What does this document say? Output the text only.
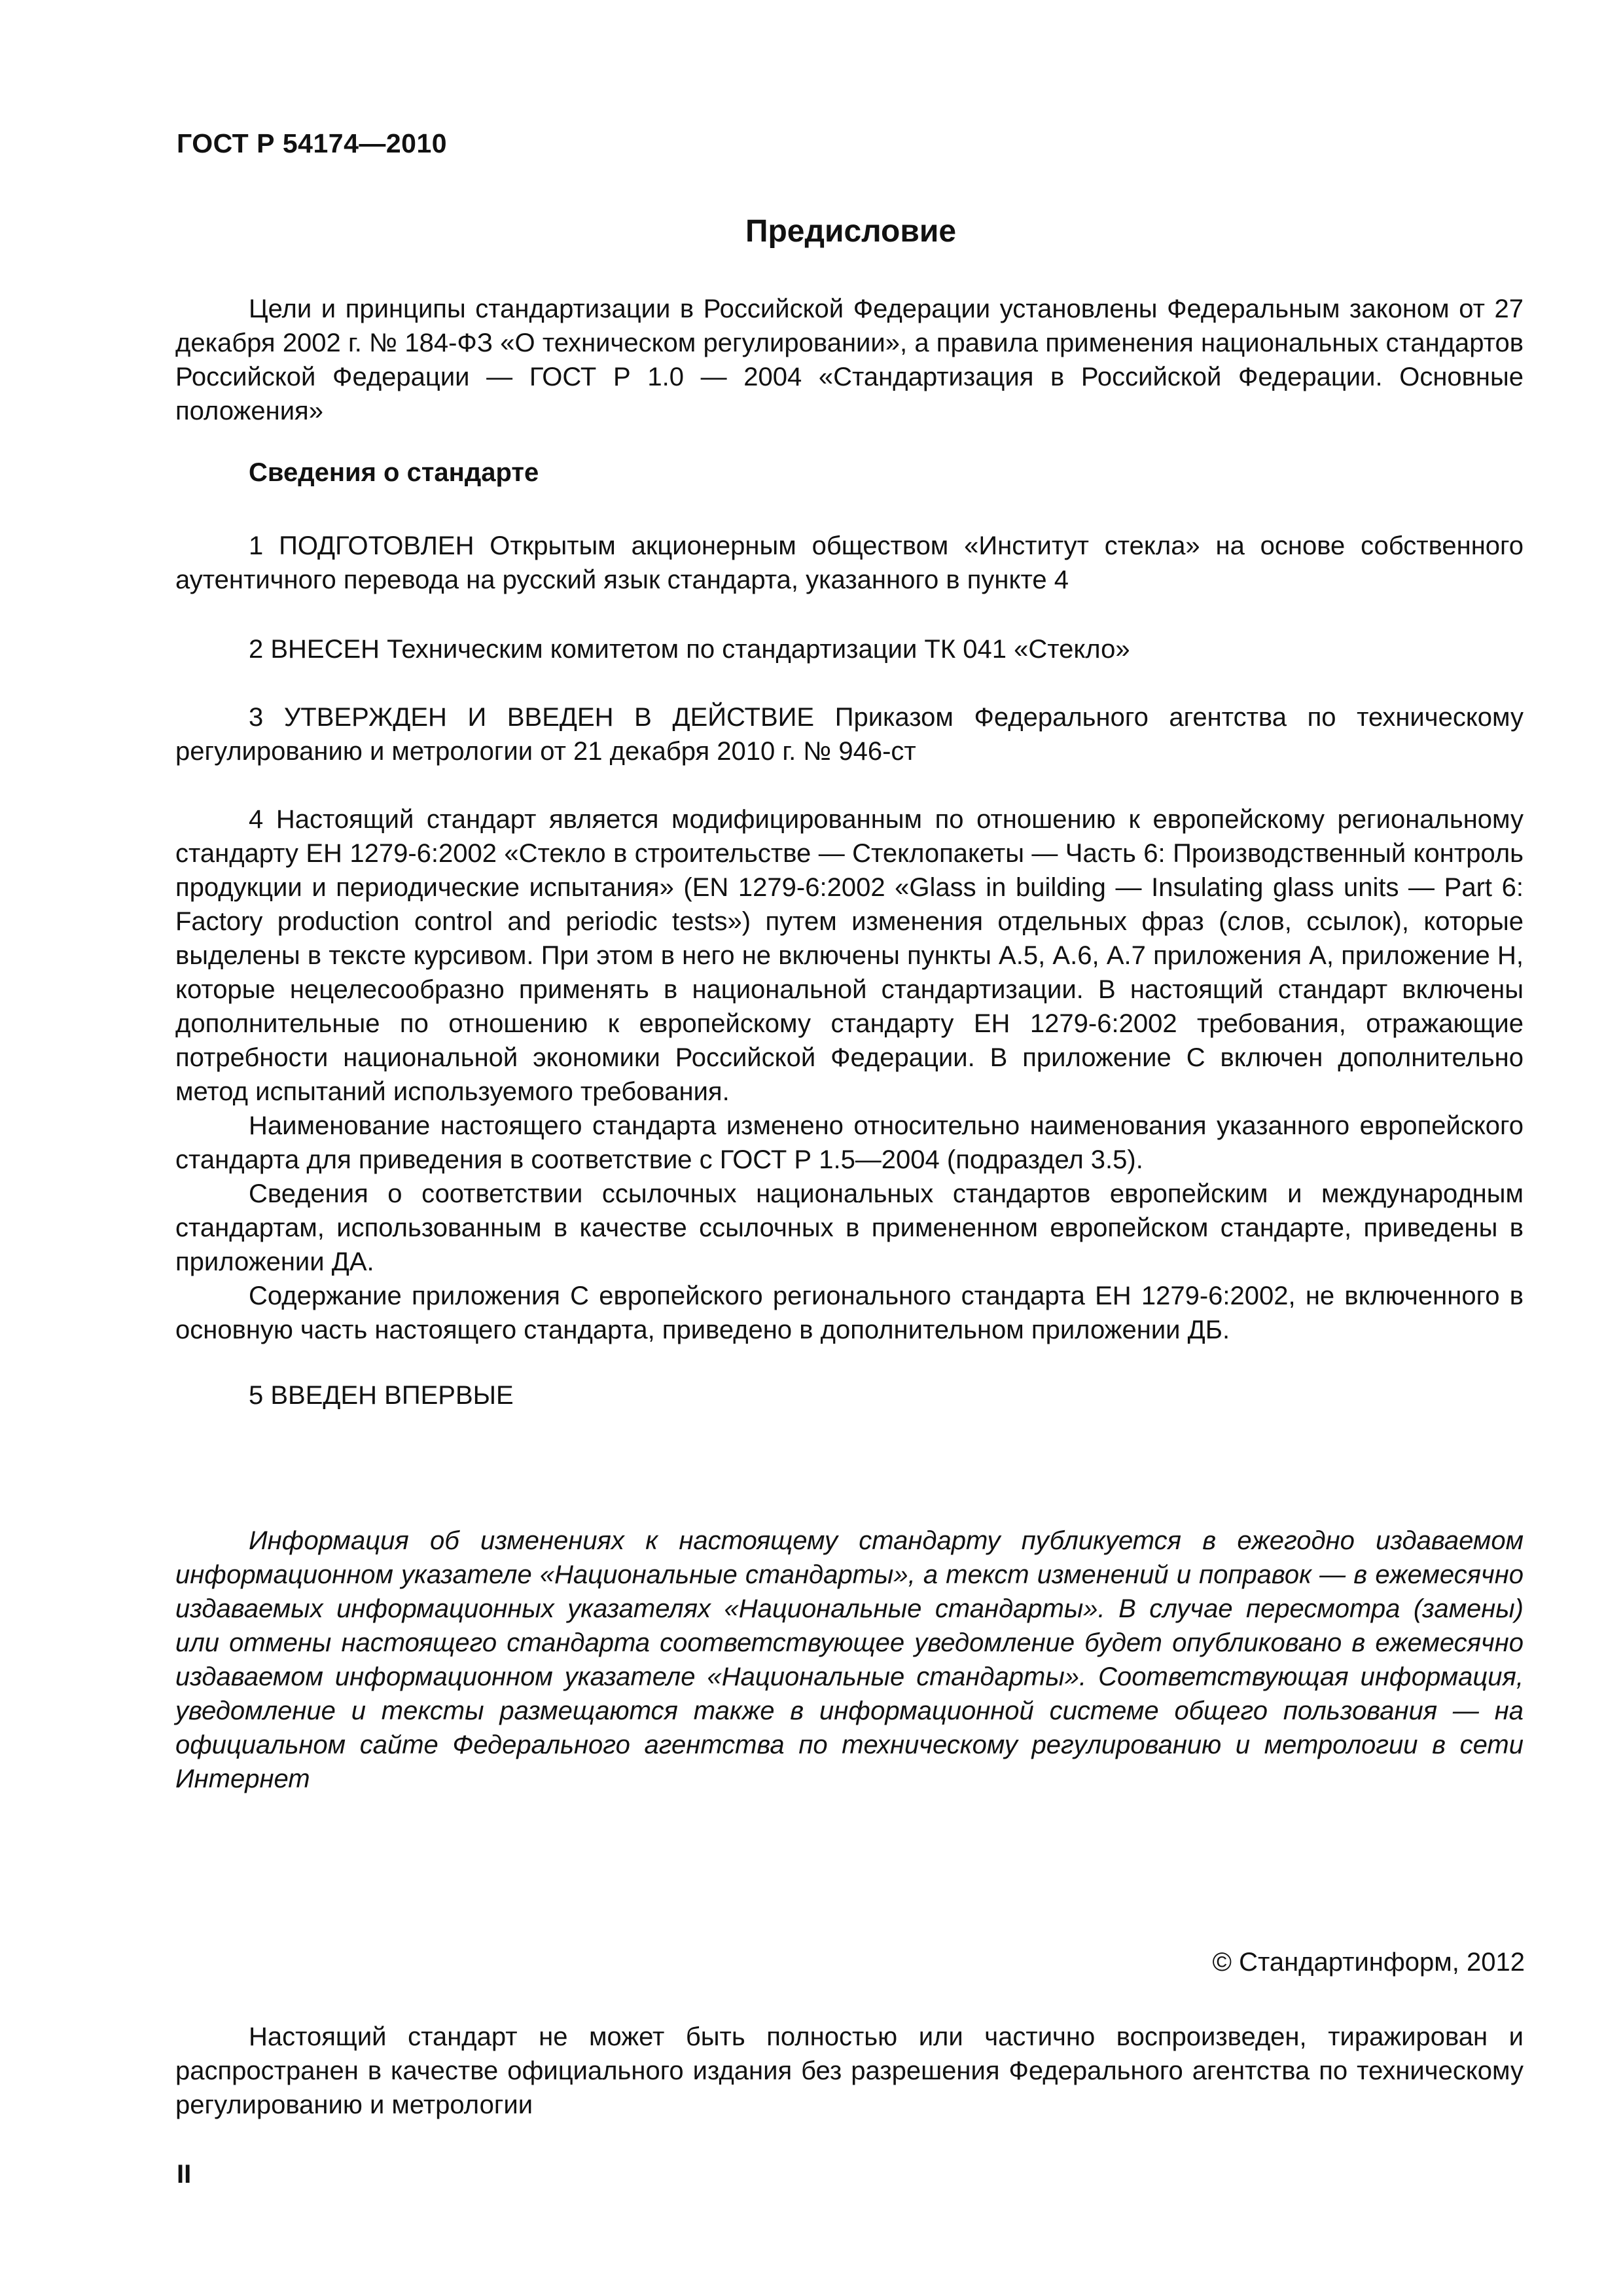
ГОСТ Р 54174—2010
Предисловие
Цели и принципы стандартизации в Российской Федерации установлены Федеральным законом от 27 декабря 2002 г. № 184-ФЗ «О техническом регулировании», а правила применения национальных стандартов Российской Федерации — ГОСТ Р 1.0 — 2004 «Стандартизация в Российской Федерации. Основные положения»
Сведения о стандарте
1 ПОДГОТОВЛЕН Открытым акционерным обществом «Институт стекла» на основе собственного аутентичного перевода на русский язык стандарта, указанного в пункте 4
2 ВНЕСЕН Техническим комитетом по стандартизации ТК 041 «Стекло»
3 УТВЕРЖДЕН И ВВЕДЕН В ДЕЙСТВИЕ Приказом Федерального агентства по техническому регулированию и метрологии от 21 декабря 2010 г. № 946-ст

4 Настоящий стандарт является модифицированным по отношению к европейскому региональному стандарту ЕН 1279-6:2002 «Стекло в строительстве — Стеклопакеты — Часть 6: Производственный контроль продукции и периодические испытания» (EN 1279-6:2002 «Glass in building — Insulating glass units — Part 6: Factory production control and periodic tests») путем изменения отдельных фраз (слов, ссылок), которые выделены в тексте курсивом. При этом в него не включены пункты А.5, А.6, А.7 приложения А, приложение Н, которые нецелесообразно применять в национальной стандартизации. В настоящий стандарт включены дополнительные по отношению к европейскому стандарту ЕН 1279-6:2002 требования, отражающие потребности национальной экономики Российской Федерации. В приложение С включен дополнительно метод испытаний используемого требования.

Наименование настоящего стандарта изменено относительно наименования указанного европейского стандарта для приведения в соответствие с ГОСТ Р 1.5—2004 (подраздел 3.5).

Сведения о соответствии ссылочных национальных стандартов европейским и международным стандартам, использованным в качестве ссылочных в примененном европейском стандарте, приведены в приложении ДА.

Содержание приложения С европейского регионального стандарта ЕН 1279-6:2002, не включенного в основную часть настоящего стандарта, приведено в дополнительном приложении ДБ.

5 ВВЕДЕН ВПЕРВЫЕ
Информация об изменениях к настоящему стандарту публикуется в ежегодно издаваемом информационном указателе «Национальные стандарты», а текст изменений и поправок — в ежемесячно издаваемых информационных указателях «Национальные стандарты». В случае пересмотра (замены) или отмены настоящего стандарта соответствующее уведомление будет опубликовано в ежемесячно издаваемом информационном указателе «Национальные стандарты». Соответствующая информация, уведомление и тексты размещаются также в информационной системе общего пользования — на официальном сайте Федерального агентства по техническому регулированию и метрологии в сети Интернет
© Стандартинформ, 2012
Настоящий стандарт не может быть полностью или частично воспроизведен, тиражирован и распространен в качестве официального издания без разрешения Федерального агентства по техническому регулированию и метрологии
II
